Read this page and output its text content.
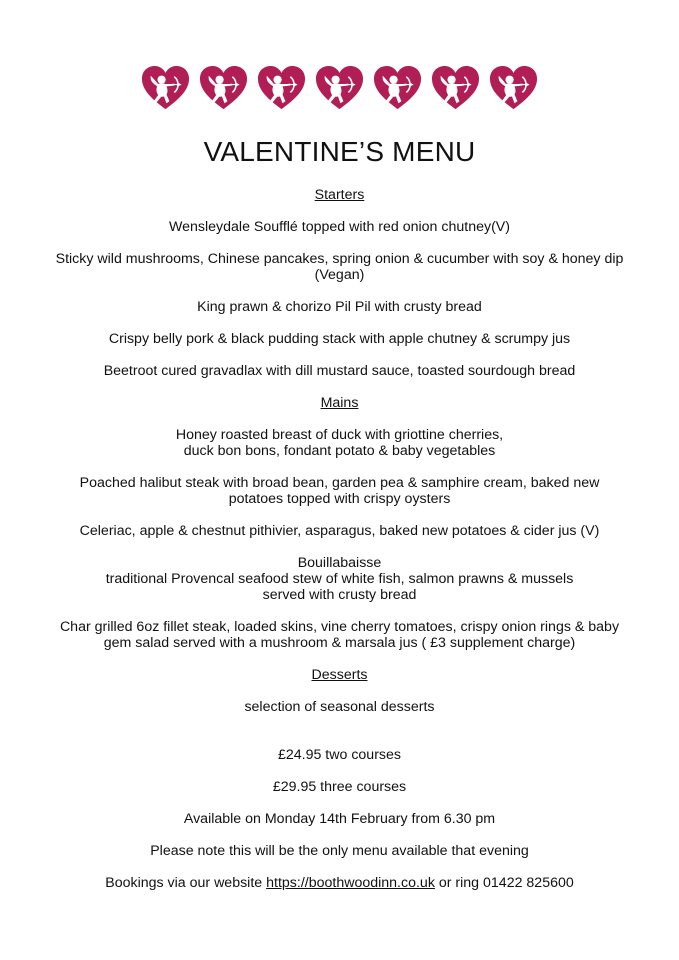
VALENTINE’S MENU
Starters
Wensleydale Soufflé topped with red onion chutney(V)
Sticky wild mushrooms, Chinese pancakes, spring onion & cucumber with soy & honey dip
(Vegan)
King prawn & chorizo Pil Pil with crusty bread
Crispy belly pork & black pudding stack with apple chutney & scrumpy jus
Beetroot cured gravadlax with dill mustard sauce, toasted sourdough bread
Mains
Honey roasted breast of duck with griottine cherries,
duck bon bons, fondant potato & baby vegetables
Poached halibut steak with broad bean, garden pea & samphire cream, baked new
potatoes topped with crispy oysters
Celeriac, apple & chestnut pithivier, asparagus, baked new potatoes & cider jus (V)
Bouillabaisse
traditional Provencal seafood stew of white fish, salmon prawns & mussels
served with crusty bread
Char grilled 6oz fillet steak, loaded skins, vine cherry tomatoes, crispy onion rings & baby
gem salad served with a mushroom & marsala jus ( £3 supplement charge)
Desserts
selection of seasonal desserts
£24.95 two courses
£29.95 three courses
Available on Monday 14th February from 6.30 pm
Please note this will be the only menu available that evening
Bookings via our website https://boothwoodinn.co.uk or ring 01422 825600
